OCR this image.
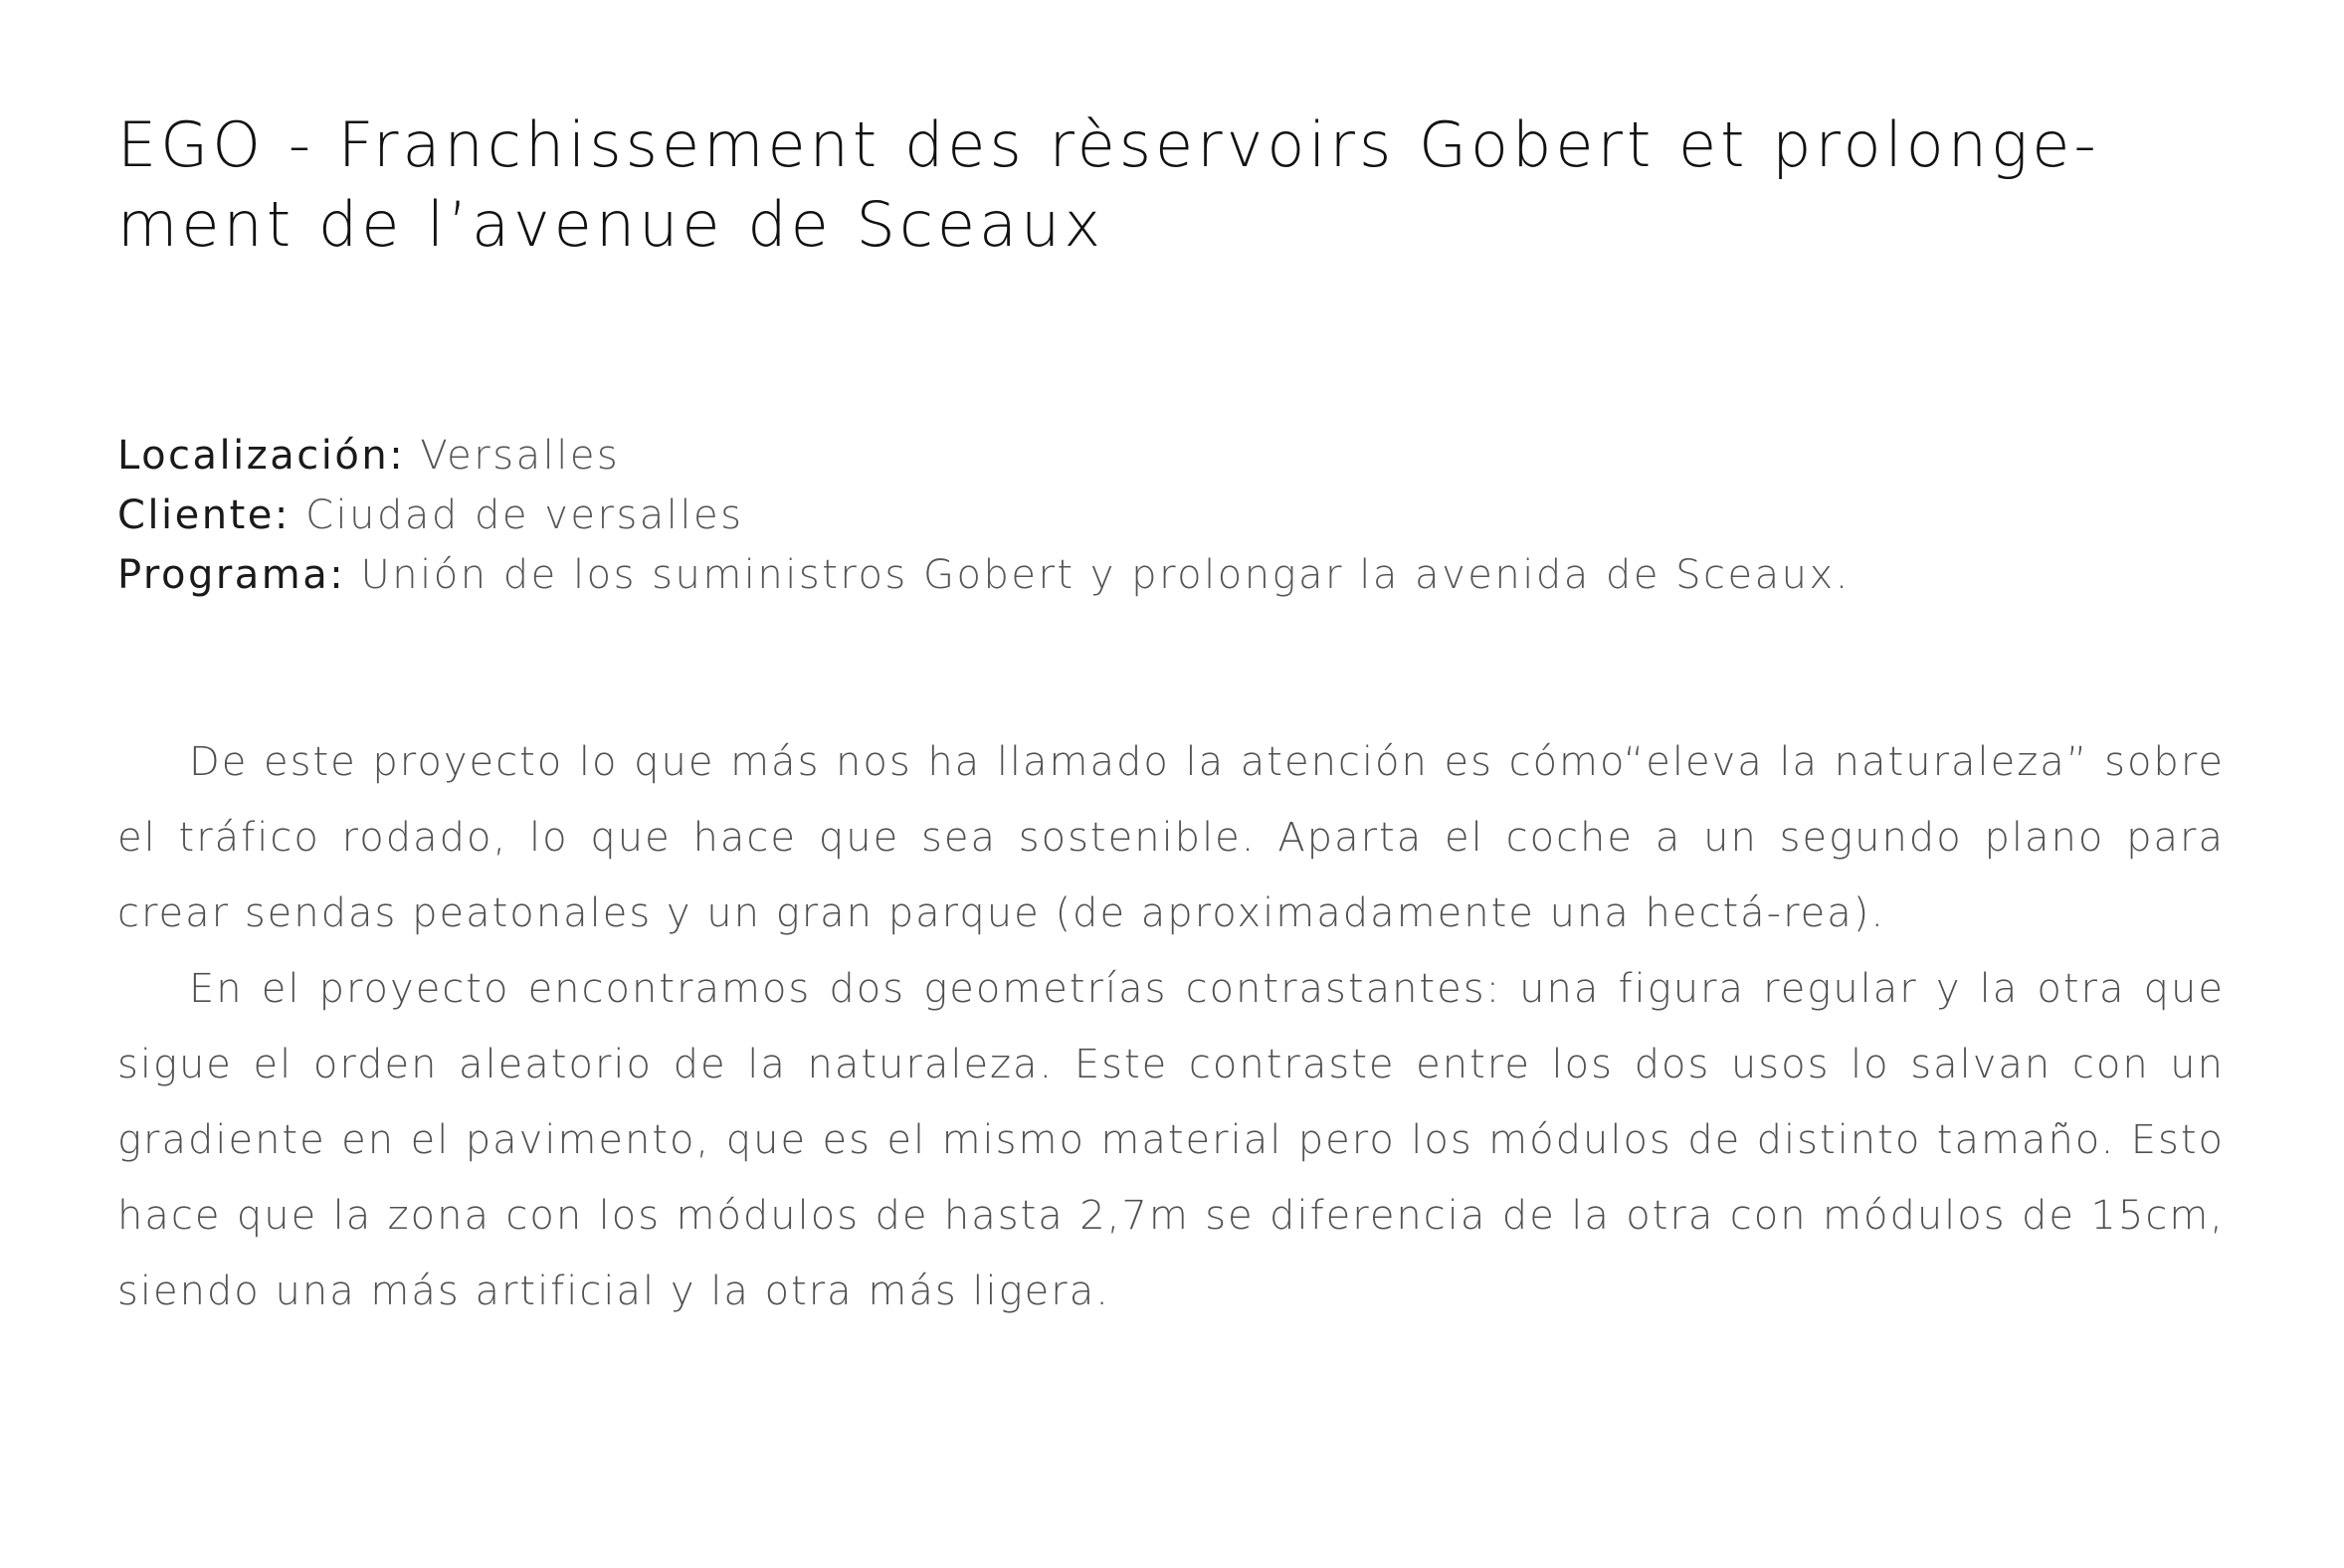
EGO - Franchissement des rèservoirs Gobert et prolonge-
ment de l’avenue de Sceaux
Localización: Versalles
Cliente: Ciudad de versalles
Programa: Unión de los suministros Gobert y prolongar la avenida de Sceaux.

De este proyecto lo que más nos ha llamado la atención es cómo“eleva la naturaleza” sobre el tráfico rodado, lo que hace que sea sostenible. Aparta el coche a un segundo plano para crear sendas peatonales y un gran parque (de aproximadamente una hectá-rea).

En el proyecto encontramos dos geometrías contrastantes: una figura regular y la otra que sigue el orden aleatorio de la naturaleza. Este contraste entre los dos usos lo salvan con un gradiente en el pavimento, que es el mismo material pero los módulos de distinto tamaño. Esto hace que la zona con los módulos de hasta 2,7m se diferencia de la otra con módulos de 15cm, siendo una más artificial y la otra más ligera.
